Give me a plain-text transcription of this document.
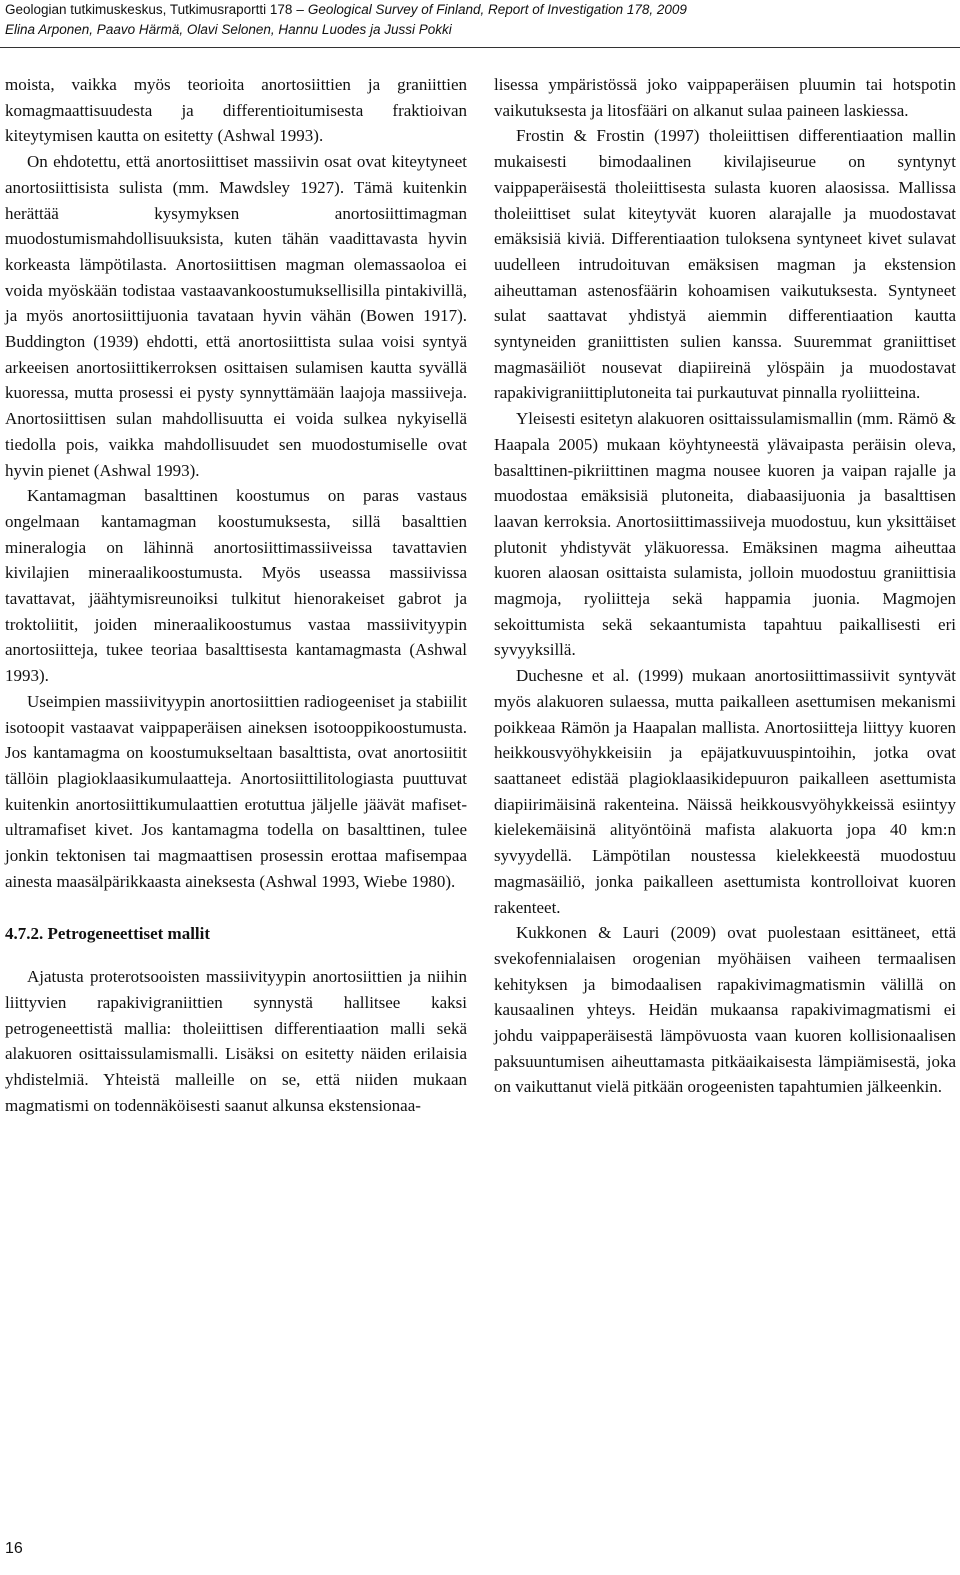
Geologian tutkimuskeskus, Tutkimusraportti 178 – Geological Survey of Finland, Report of Investigation 178, 2009
Elina Arponen, Paavo Härmä, Olavi Selonen, Hannu Luodes ja Jussi Pokki

moista, vaikka myös teorioita anortosiittien ja graniittien komagmaattisuudesta ja differentioitumisesta fraktioivan kiteytymisen kautta on esitetty (Ashwal 1993).

On ehdotettu, että anortosiittiset massiivin osat ovat kiteytyneet anortosiittisista sulista (mm. Mawdsley 1927). Tämä kuitenkin herättää kysymyksen anortosiittimagman muodostumismahdollisuuksista, kuten tähän vaadittavasta hyvin korkeasta lämpötilasta. Anortosiittisen magman olemassaoloa ei voida myöskään todistaa vastaavankoostumuksellisilla pintakivillä, ja myös anortosiittijuonia tavataan hyvin vähän (Bowen 1917). Buddington (1939) ehdotti, että anortosiittista sulaa voisi syntyä arkeeisen anortosiittikerroksen osittaisen sulamisen kautta syvällä kuoressa, mutta prosessi ei pysty synnyttämään laajoja massiiveja. Anortosiittisen sulan mahdollisuutta ei voida sulkea nykyisellä tiedolla pois, vaikka mahdollisuudet sen muodostumiselle ovat hyvin pienet (Ashwal 1993).

Kantamagman basalttinen koostumus on paras vastaus ongelmaan kantamagman koostumuksesta, sillä basalttien mineralogia on lähinnä anortosiittimassiiveissa tavattavien kivilajien mineraalikoostumusta. Myös useassa massiivissa tavattavat, jäähtymisreunoiksi tulkitut hienorakeiset gabrot ja troktoliitit, joiden mineraalikoostumus vastaa massiivityypin anortosiitteja, tukee teoriaa basalttisesta kantamagmasta (Ashwal 1993).

Useimpien massiivityypin anortosiittien radiogeeniset ja stabiilit isotoopit vastaavat vaippaperäisen aineksen isotooppikoostumusta. Jos kantamagma on koostumukseltaan basalttista, ovat anortosiitit tällöin plagioklaasikumulaatteja. Anortosiittilitologiasta puuttuvat kuitenkin anortosiittikumulaattien erotuttua jäljelle jäävät mafiset-ultramafiset kivet. Jos kantamagma todella on basalttinen, tulee jonkin tektonisen tai magmaattisen prosessin erottaa mafisempaa ainesta maasälpärikkaasta aineksesta (Ashwal 1993, Wiebe 1980).

4.7.2. Petrogeneettiset mallit

Ajatusta proterotsooisten massiivityypin anortosiittien ja niihin liittyvien rapakivigraniittien synnystä hallitsee kaksi petrogeneettistä mallia: tholeiittisen differentiaation malli sekä alakuoren osittaissulamismalli. Lisäksi on esitetty näiden erilaisia yhdistelmiä. Yhteistä malleille on se, että niiden mukaan magmatismi on todennäköisesti saanut alkunsa ekstensionaa-

lisessa ympäristössä joko vaippaperäisen pluumin tai hotspotin vaikutuksesta ja litosfääri on alkanut sulaa paineen laskiessa.

Frostin & Frostin (1997) tholeiittisen differentiaation mallin mukaisesti bimodaalinen kivilajiseurue on syntynyt vaippaperäisestä tholeiittisesta sulasta kuoren alaosissa. Mallissa tholeiittiset sulat kiteytyvät kuoren alarajalle ja muodostavat emäksisiä kiviä. Differentiaation tuloksena syntyneet kivet sulavat uudelleen intrudoituvan emäksisen magman ja ekstension aiheuttaman astenosfäärin kohoamisen vaikutuksesta. Syntyneet sulat saattavat yhdistyä aiemmin differentiaation kautta syntyneiden graniittisten sulien kanssa. Suuremmat graniittiset magmasäiliöt nousevat diapiireinä ylöspäin ja muodostavat rapakivigraniittiplutoneita tai purkautuvat pinnalla ryoliitteina.

Yleisesti esitetyn alakuoren osittaissulamismallin (mm. Rämö & Haapala 2005) mukaan köyhtyneestä ylävaipasta peräisin oleva, basalttinen-pikriittinen magma nousee kuoren ja vaipan rajalle ja muodostaa emäksisiä plutoneita, diabaasijuonia ja basalttisen laavan kerroksia. Anortosiittimassiiveja muodostuu, kun yksittäiset plutonit yhdistyvät yläkuoressa. Emäksinen magma aiheuttaa kuoren alaosan osittaista sulamista, jolloin muodostuu graniittisia magmoja, ryoliitteja sekä happamia juonia. Magmojen sekoittumista sekä sekaantumista tapahtuu paikallisesti eri syvyyksillä.

Duchesne et al. (1999) mukaan anortosiittimassiivit syntyvät myös alakuoren sulaessa, mutta paikalleen asettumisen mekanismi poikkeaa Rämön ja Haapalan mallista. Anortosiitteja liittyy kuoren heikkousvyöhykkeisiin ja epäjatkuvuuspintoihin, jotka ovat saattaneet edistää plagioklaasikidepuuron paikalleen asettumista diapiirimäisinä rakenteina. Näissä heikkousvyöhykkeissä esiintyy kielekemäisinä alityöntöinä mafista alakuorta jopa 40 km:n syvyydellä. Lämpötilan noustessa kielekkeestä muodostuu magmasäiliö, jonka paikalleen asettumista kontrolloivat kuoren rakenteet.

Kukkonen & Lauri (2009) ovat puolestaan esittäneet, että svekofennialaisen orogenian myöhäisen vaiheen termaalisen kehityksen ja bimodaalisen rapakivimagmatismin välillä on kausaalinen yhteys. Heidän mukaansa rapakivimagmatismi ei johdu vaippaperäisestä lämpövuosta vaan kuoren kollisionaalisen paksuuntumisen aiheuttamasta pitkäaikaisesta lämpiämisestä, joka on vaikuttanut vielä pitkään orogeenisten tapahtumien jälkeenkin.

16
